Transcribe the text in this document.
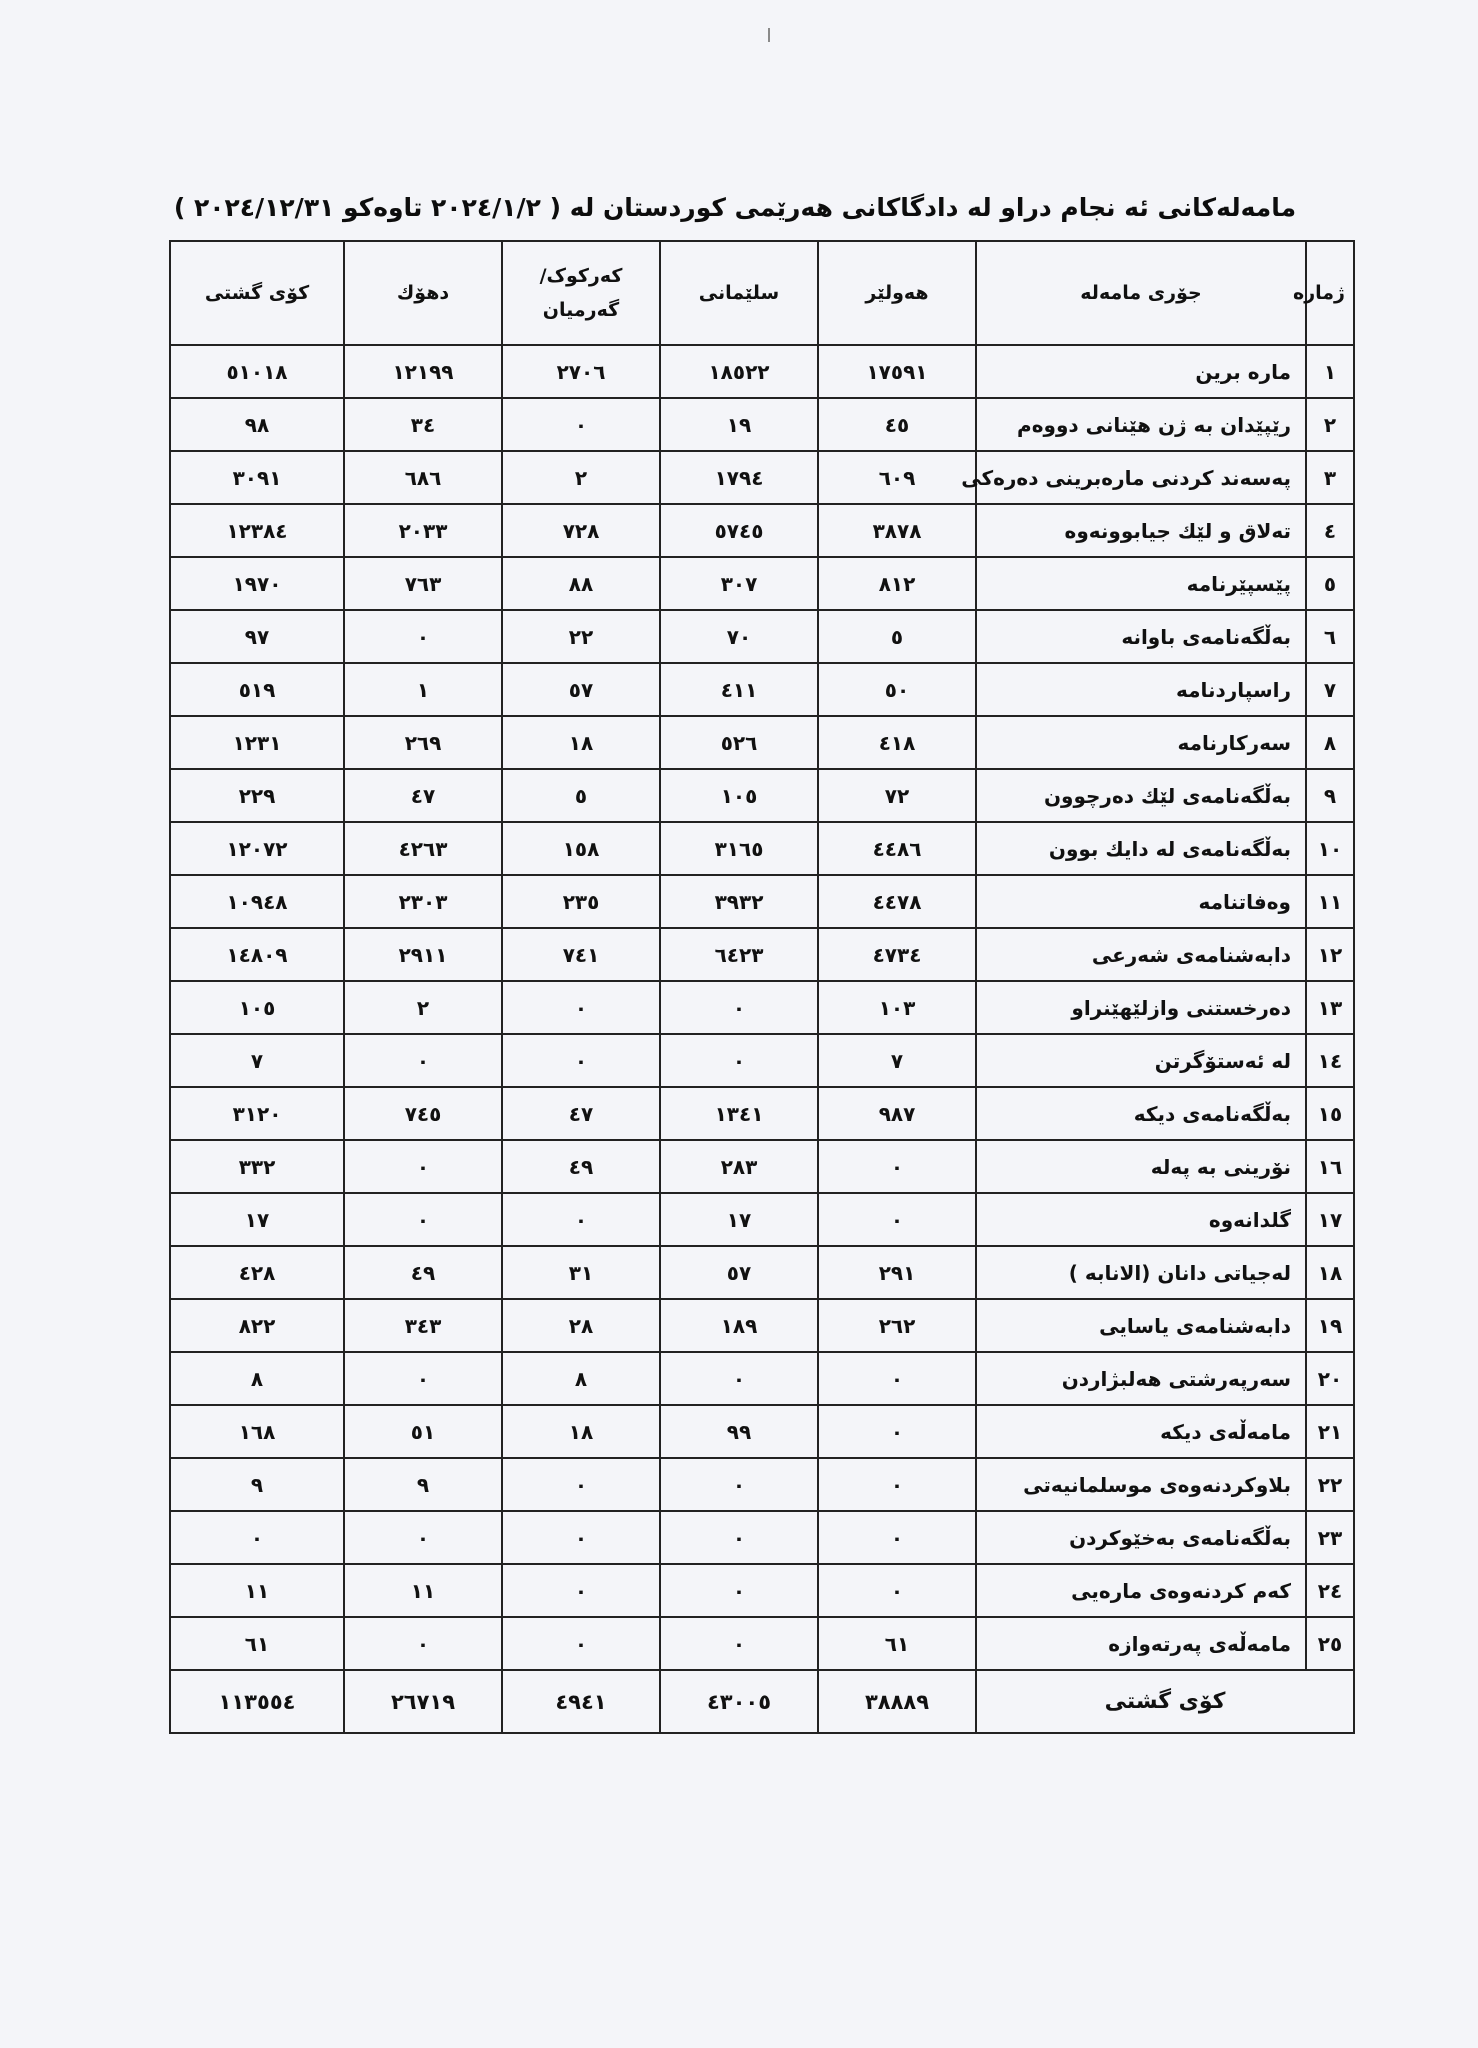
مامەلەکانی ئە نجام دراو لە دادگاکانی هەرێمی کوردستان لە ( ٢٠٢٤/١/٢ تاوەکو ٢٠٢٤/١٢/٣١ )
ژمارە	جۆری مامەلە	هەولێر	سلێمانی	کەرکوک/ گەرمیان	دهۆك	کۆی گشتی
١	مارە برین	١٧٥٩١	١٨٥٢٢	٢٧٠٦	١٢١٩٩	٥١٠١٨
٢	رێپێدان بە ژن هێنانی دووەم	٤٥	١٩	٠	٣٤	٩٨
٣	پەسەند کردنی مارەبرینی دەرەکی	٦٠٩	١٧٩٤	٢	٦٨٦	٣٠٩١
٤	تەلاق و لێك جیابوونەوە	٣٨٧٨	٥٧٤٥	٧٢٨	٢٠٣٣	١٢٣٨٤
٥	پێسپێرنامە	٨١٢	٣٠٧	٨٨	٧٦٣	١٩٧٠
٦	بەڵگەنامەی باوانە	٥	٧٠	٢٢	٠	٩٧
٧	راسپاردنامە	٥٠	٤١١	٥٧	١	٥١٩
٨	سەرکارنامە	٤١٨	٥٢٦	١٨	٢٦٩	١٢٣١
٩	بەڵگەنامەی لێك دەرچوون	٧٢	١٠٥	٥	٤٧	٢٢٩
١٠	بەڵگەنامەی لە دایك بوون	٤٤٨٦	٣١٦٥	١٥٨	٤٢٦٣	١٢٠٧٢
١١	وەفاتنامە	٤٤٧٨	٣٩٣٢	٢٣٥	٢٣٠٣	١٠٩٤٨
١٢	دابەشنامەی شەرعی	٤٧٣٤	٦٤٢٣	٧٤١	٢٩١١	١٤٨٠٩
١٣	دەرخستنی وازلێهێنراو	١٠٣	٠	٠	٢	١٠٥
١٤	لە ئەستۆگرتن	٧	٠	٠	٠	٧
١٥	بەڵگەنامەی دیکە	٩٨٧	١٣٤١	٤٧	٧٤٥	٣١٢٠
١٦	نۆرینی بە پەلە	٠	٢٨٣	٤٩	٠	٣٣٢
١٧	گلدانەوە	٠	١٧	٠	٠	١٧
١٨	لەجیاتی دانان (الانابە )	٢٩١	٥٧	٣١	٤٩	٤٢٨
١٩	دابەشنامەی یاسایی	٢٦٢	١٨٩	٢٨	٣٤٣	٨٢٢
٢٠	سەرپەرشتی هەلبژاردن	٠	٠	٨	٠	٨
٢١	مامەڵەی دیکە	٠	٩٩	١٨	٥١	١٦٨
٢٢	بلاوکردنەوەی موسلمانیەتی	٠	٠	٠	٩	٩
٢٣	بەڵگەنامەی بەخێوکردن	٠	٠	٠	٠	٠
٢٤	کەم کردنەوەی مارەیی	٠	٠	٠	١١	١١
٢٥	مامەڵەی پەرتەوازە	٦١	٠	٠	٠	٦١
کۆی گشتی		٣٨٨٨٩	٤٣٠٠٥	٤٩٤١	٢٦٧١٩	١١٣٥٥٤
